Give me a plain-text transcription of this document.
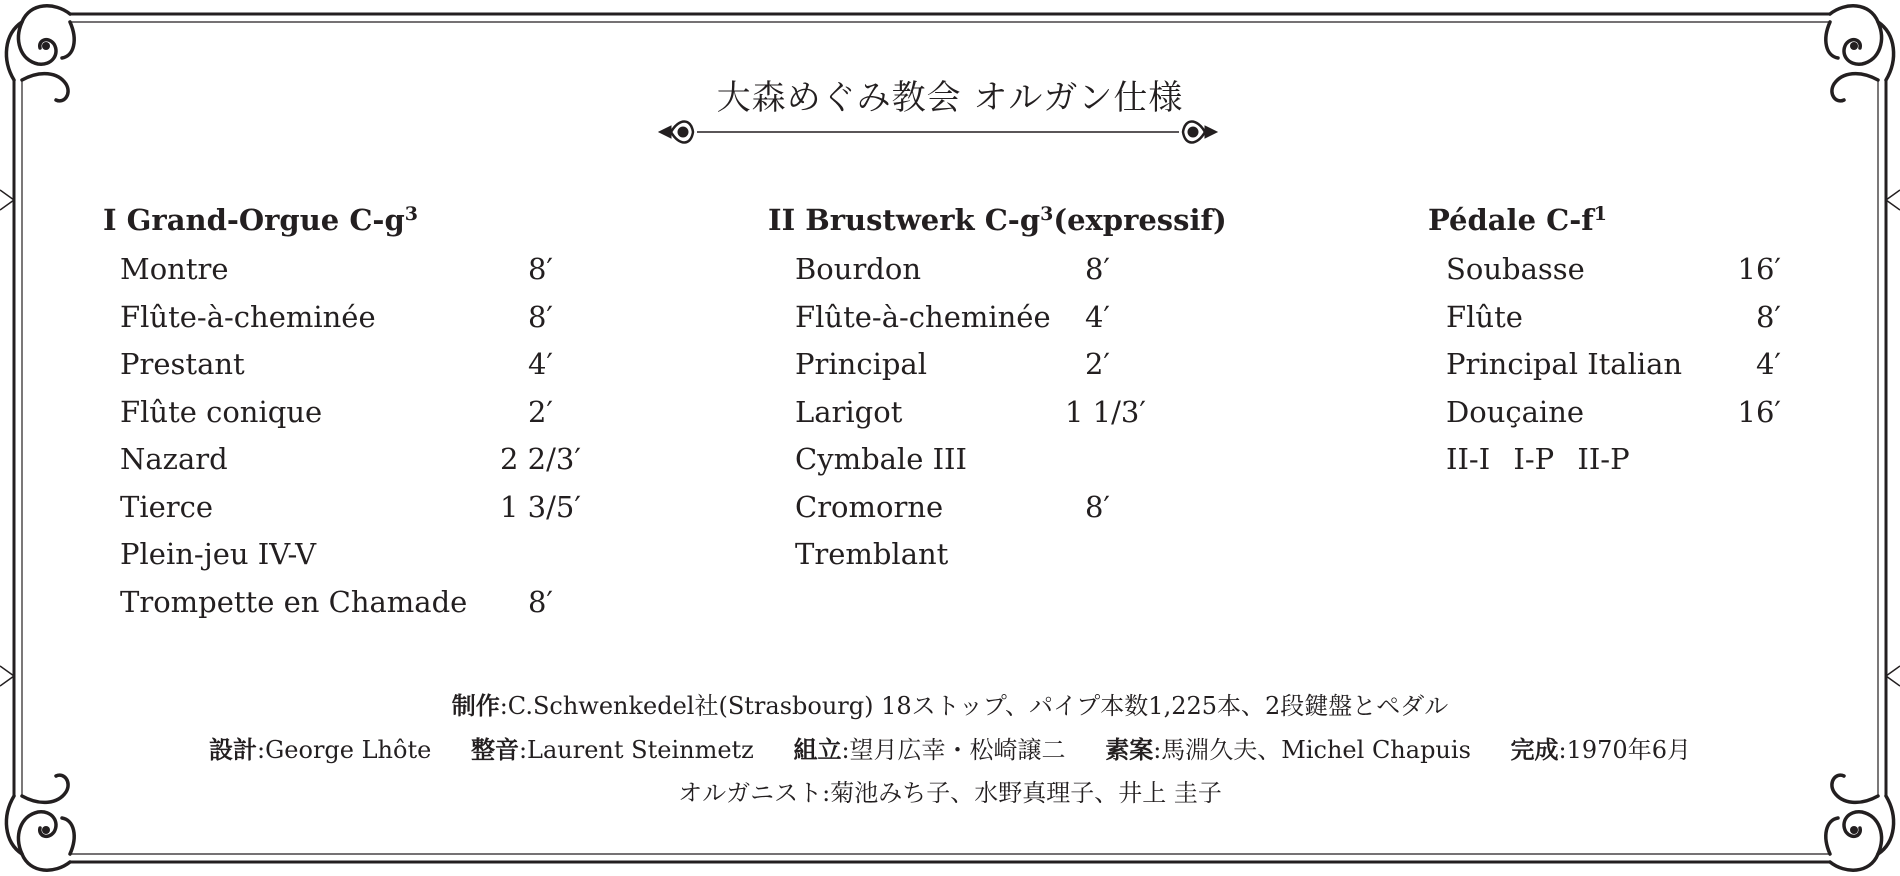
大森めぐみ教会 オルガン仕様
I Grand-Orgue $C-g^3$
Montre	8′
Flûte-à-cheminée	8′
Prestant	4′
Flûte conique	2′
Nazard	2 2/3′
Tierce	1 3/5′
Plein-jeu IV-V
Trompette en Chamade	8′
II Brustwerk $C-g^3(expressif)$
Bourdon	8′
Flûte-à-cheminée	4′
Principal	2′
Larigot	1 1/3′
Cymbale III
Cromorne	8′
Tremblant
Pédale $C-f^1$
Soubasse	16′
Flûte	8′
Principal Italian	4′
Douçaine	16′
II-I I-P II-P
制作:C.Schwenkedel社(Strasbourg) 18ストップ、パイプ本数1,225本、2段鍵盤とペダル
設計:George Lhôte 整音:Laurent Steinmetz 組立:望月広幸・松崎譲二 素案:馬淵久夫、Michel Chapuis 完成:1970年6月
オルガニスト:菊池みち子、水野真理子、井上 圭子
